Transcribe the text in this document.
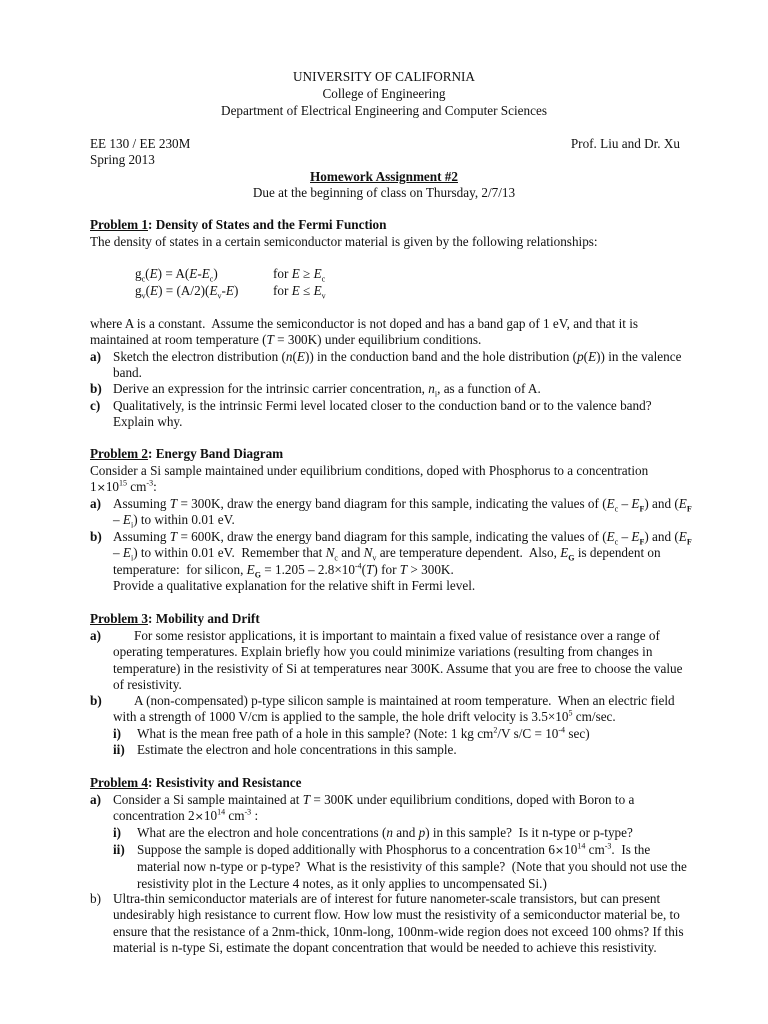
UNIVERSITY OF CALIFORNIA
College of Engineering
Department of Electrical Engineering and Computer Sciences
EE 130 / EE 230M	Prof. Liu and Dr. Xu
Spring 2013
Homework Assignment #2
Due at the beginning of class on Thursday, 2/7/13
Problem 1: Density of States and the Fermi Function
The density of states in a certain semiconductor material is given by the following relationships:
$g_c(E) = A(E-E_c)$	for $E \ge E_c$
$g_v(E) = (A/2)(E_v-E)$	for $E \le E_v$
where A is a constant.  Assume the semiconductor is not doped and has a band gap of 1 eV, and that it is maintained at room temperature (T = 300K) under equilibrium conditions.
a) Sketch the electron distribution (n(E)) in the conduction band and the hole distribution (p(E)) in the valence band.
b) Derive an expression for the intrinsic carrier concentration, $n_i$, as a function of A.
c) Qualitatively, is the intrinsic Fermi level located closer to the conduction band or to the valence band? Explain why.
Problem 2: Energy Band Diagram
Consider a Si sample maintained under equilibrium conditions, doped with Phosphorus to a concentration
$1\times 10^{15}$ $cm^{-3}$:
a) Assuming T = 300K, draw the energy band diagram for this sample, indicating the values of $(E_c - E_F)$ and $(E_F - E_i)$ to within 0.01 eV.
b) Assuming T = 600K, draw the energy band diagram for this sample, indicating the values of $(E_c - E_F)$ and $(E_F - E_i)$ to within 0.01 eV.  Remember that $N_c$ and $N_v$ are temperature dependent.  Also, $E_G$ is dependent on temperature:  for silicon, $E_G = 1.205 - 2.8\times 10^{-4}(T)$ for T > 300K.
Provide a qualitative explanation for the relative shift in Fermi level.
Problem 3: Mobility and Drift
a)	For some resistor applications, it is important to maintain a fixed value of resistance over a range of operating temperatures. Explain briefly how you could minimize variations (resulting from changes in temperature) in the resistivity of Si at temperatures near 300K. Assume that you are free to choose the value of resistivity.
b)	A (non-compensated) p-type silicon sample is maintained at room temperature.  When an electric field with a strength of 1000 V/cm is applied to the sample, the hole drift velocity is $3.5\times 10^5$ cm/sec.
i)	What is the mean free path of a hole in this sample? (Note: 1 kg $cm^2/V$ $s/C = 10^{-4}$ sec)
ii) Estimate the electron and hole concentrations in this sample.
Problem 4: Resistivity and Resistance
a) Consider a Si sample maintained at T = 300K under equilibrium conditions, doped with Boron to a concentration $2\times 10^{14}$ $cm^{-3}$ :
i)	What are the electron and hole concentrations (n and p) in this sample?  Is it n-type or p-type?
ii) Suppose the sample is doped additionally with Phosphorus to a concentration $6\times 10^{14}$ $cm^{-3}$.  Is the material now n-type or p-type?  What is the resistivity of this sample?  (Note that you should not use the resistivity plot in the Lecture 4 notes, as it only applies to uncompensated Si.)
b) Ultra-thin semiconductor materials are of interest for future nanometer-scale transistors, but can present undesirably high resistance to current flow. How low must the resistivity of a semiconductor material be, to ensure that the resistance of a 2nm-thick, 10nm-long, 100nm-wide region does not exceed 100 ohms? If this material is n-type Si, estimate the dopant concentration that would be needed to achieve this resistivity.
